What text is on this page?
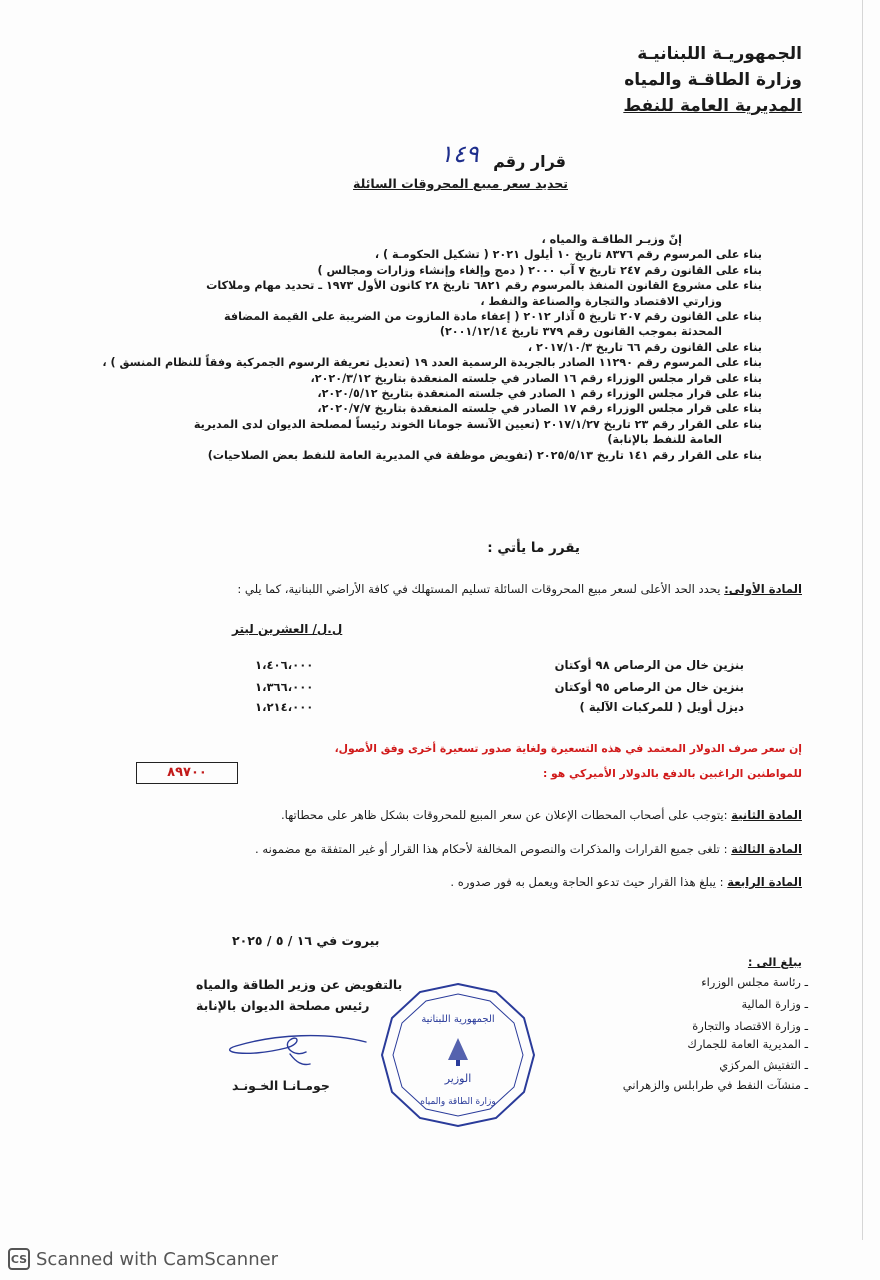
الجمهوريـة اللبنانيـة
وزارة الطاقـة والمياه
المديرية العامة للنفط
قرار رقم
١٤٩
تحديد سعر مبيع المحروقات السائلة
إنّ وزيـر الطاقـة والمياه ،
بناء على المرسوم رقم ٨٣٧٦ تاريخ ١٠ أيلول ٢٠٢١ ( تشكيل الحكومـة ) ،
بناء على القانون رقم ٢٤٧ تاريخ ٧ آب ٢٠٠٠ ( دمج وإلغاء وإنشاء وزارات ومجالس )
بناء على مشروع القانون المنفذ بالمرسوم رقم ٦٨٢١ تاريخ ٢٨ كانون الأول ١٩٧٣ ـ تحديد مهام وملاكات
وزارتي الاقتصاد والتجارة والصناعة والنفط ،
بناء على القانون رقم ٢٠٧ تاريخ ٥ آذار ٢٠١٢ ( إعفاء مادة المازوت من الضريبة على القيمة المضافة
المحدثة بموجب القانون رقم ٣٧٩ تاريخ ٢٠٠١/١٢/١٤)
بناء على القانون رقم ٦٦ تاريخ ٢٠١٧/١٠/٣ ،
بناء على المرسوم رقم ١١٢٩٠ الصادر بالجريدة الرسمية العدد ١٩ (تعديل تعريفة الرسوم الجمركية وفقاً للنظام المنسق ) ،
بناء على قرار مجلس الوزراء رقم ١٦ الصادر في جلسته المنعقدة بتاريخ ٢٠٢٠/٣/١٢،
بناء على قرار مجلس الوزراء رقم ١ الصادر في جلسته المنعقدة بتاريخ ٢٠٢٠/٥/١٢،
بناء على قرار مجلس الوزراء رقم ١٧ الصادر في جلسته المنعقدة بتاريخ ٢٠٢٠/٧/٧،
بناء على القرار رقم ٢٣ تاريخ ٢٠١٧/١/٢٧ (تعيين الآنسة جومانا الخوند رئيساً لمصلحة الديوان لدى المديرية
العامة للنفط بالإنابة)
بناء على القرار رقم ١٤١ تاريخ ٢٠٢٥/٥/١٣ (تفويض موظفة في المديرية العامة للنفط بعض الصلاحيات)
يقرر ما يأتي :
المادة الأولى: يحدد الحد الأعلى لسعر مبيع المحروقات السائلة تسليم المستهلك في كافة الأراضي اللبنانية، كما يلي :
ل.ل/ العشرين ليتر
بنزين خال من الرصاص ٩٨ أوكتان
١،٤٠٦،٠٠٠
بنزين خال من الرصاص ٩٥ أوكتان
١،٣٦٦،٠٠٠
ديزل أويل ( للمركبات الآلية )
١،٢١٤،٠٠٠
إن سعر صرف الدولار المعتمد في هذه التسعيرة ولغاية صدور تسعيرة أخرى وفق الأصول،
للمواطنين الراغبين بالدفع بالدولار الأميركي هو :
٨٩٧٠٠
المادة الثانية :يتوجب على أصحاب المحطات الإعلان عن سعر المبيع للمحروقات بشكل ظاهر على محطاتها.
المادة الثالثة : تلغى جميع القرارات والمذكرات والنصوص المخالفة لأحكام هذا القرار أو غير المتفقة مع مضمونه .
المادة الرابعة : يبلغ هذا القرار حيث تدعو الحاجة ويعمل به فور صدوره .
بيروت في ١٦ / ٥ / ٢٠٢٥
بالتفويض عن وزير الطاقة والمياه
رئيس مصلحة الديوان بالإنابة
جومـانـا الخـونـد
الجمهورية اللبنانية
الوزير
وزارة الطاقة والمياه
يبلغ الى :
ـ رئاسة مجلس الوزراء
ـ وزارة المالية
ـ وزارة الاقتصاد والتجارة
ـ المديرية العامة للجمارك
ـ التفتيش المركزي
ـ منشآت النفط في طرابلس والزهراني
CS Scanned with CamScanner
